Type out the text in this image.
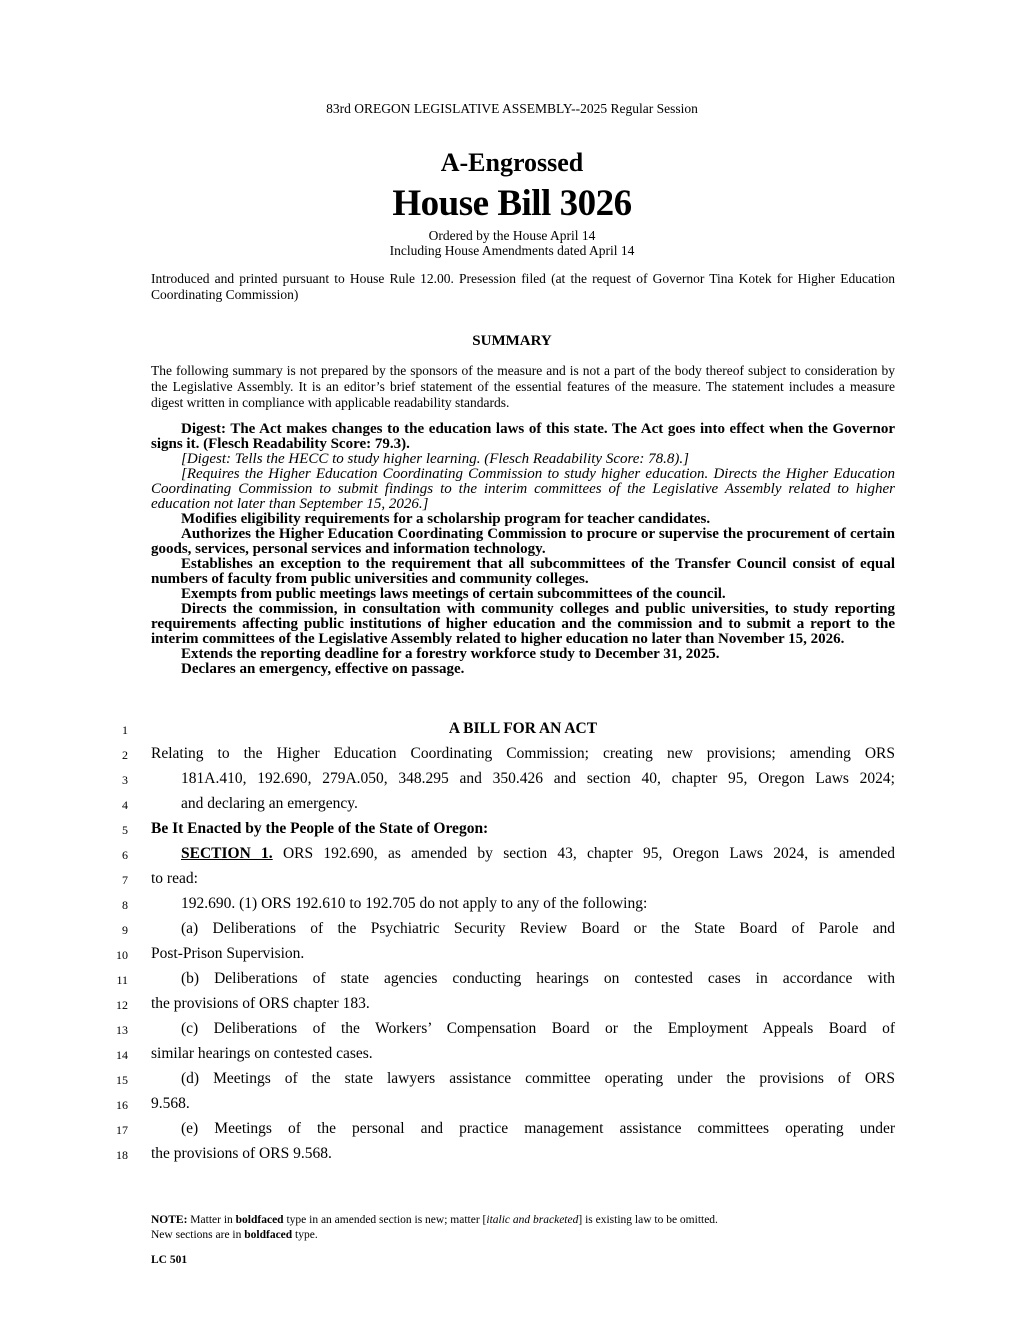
83rd OREGON LEGISLATIVE ASSEMBLY--2025 Regular Session
A-Engrossed
House Bill 3026
Ordered by the House April 14
Including House Amendments dated April 14
Introduced and printed pursuant to House Rule 12.00. Presession filed (at the request of Governor Tina Kotek for Higher Education Coordinating Commission)
SUMMARY
The following summary is not prepared by the sponsors of the measure and is not a part of the body thereof subject to consideration by the Legislative Assembly. It is an editor’s brief statement of the essential features of the measure. The statement includes a measure digest written in compliance with applicable readability standards.

Digest: The Act makes changes to the education laws of this state. The Act goes into effect when the Governor signs it. (Flesch Readability Score: 79.3).

[Digest: Tells the HECC to study higher learning. (Flesch Readability Score: 78.8).]

[Requires the Higher Education Coordinating Commission to study higher education. Directs the Higher Education Coordinating Commission to submit findings to the interim committees of the Legislative Assembly related to higher education not later than September 15, 2026.]

Modifies eligibility requirements for a scholarship program for teacher candidates.

Authorizes the Higher Education Coordinating Commission to procure or supervise the procurement of certain goods, services, personal services and information technology.

Establishes an exception to the requirement that all subcommittees of the Transfer Council consist of equal numbers of faculty from public universities and community colleges.

Exempts from public meetings laws meetings of certain subcommittees of the council.

Directs the commission, in consultation with community colleges and public universities, to study reporting requirements affecting public institutions of higher education and the commission and to submit a report to the interim committees of the Legislative Assembly related to higher education no later than November 15, 2026.

Extends the reporting deadline for a forestry workforce study to December 31, 2025.

Declares an emergency, effective on passage.

1	A BILL FOR AN ACT
2 Relating to the Higher Education Coordinating Commission; creating new provisions; amending ORS
3	181A.410, 192.690, 279A.050, 348.295 and 350.426 and section 40, chapter 95, Oregon Laws 2024;
4	and declaring an emergency.
5 Be It Enacted by the People of the State of Oregon:
6	SECTION 1. ORS 192.690, as amended by section 43, chapter 95, Oregon Laws 2024, is amended
7 to read:
8	192.690. (1) ORS 192.610 to 192.705 do not apply to any of the following:
9	(a) Deliberations of the Psychiatric Security Review Board or the State Board of Parole and
10 Post-Prison Supervision.
11	(b) Deliberations of state agencies conducting hearings on contested cases in accordance with
12 the provisions of ORS chapter 183.
13	(c) Deliberations of the Workers’ Compensation Board or the Employment Appeals Board of
14 similar hearings on contested cases.
15	(d) Meetings of the state lawyers assistance committee operating under the provisions of ORS
16 9.568.
17	(e) Meetings of the personal and practice management assistance committees operating under
18 the provisions of ORS 9.568.
NOTE: Matter in boldfaced type in an amended section is new; matter [italic and bracketed] is existing law to be omitted.
New sections are in boldfaced type.
LC 501
